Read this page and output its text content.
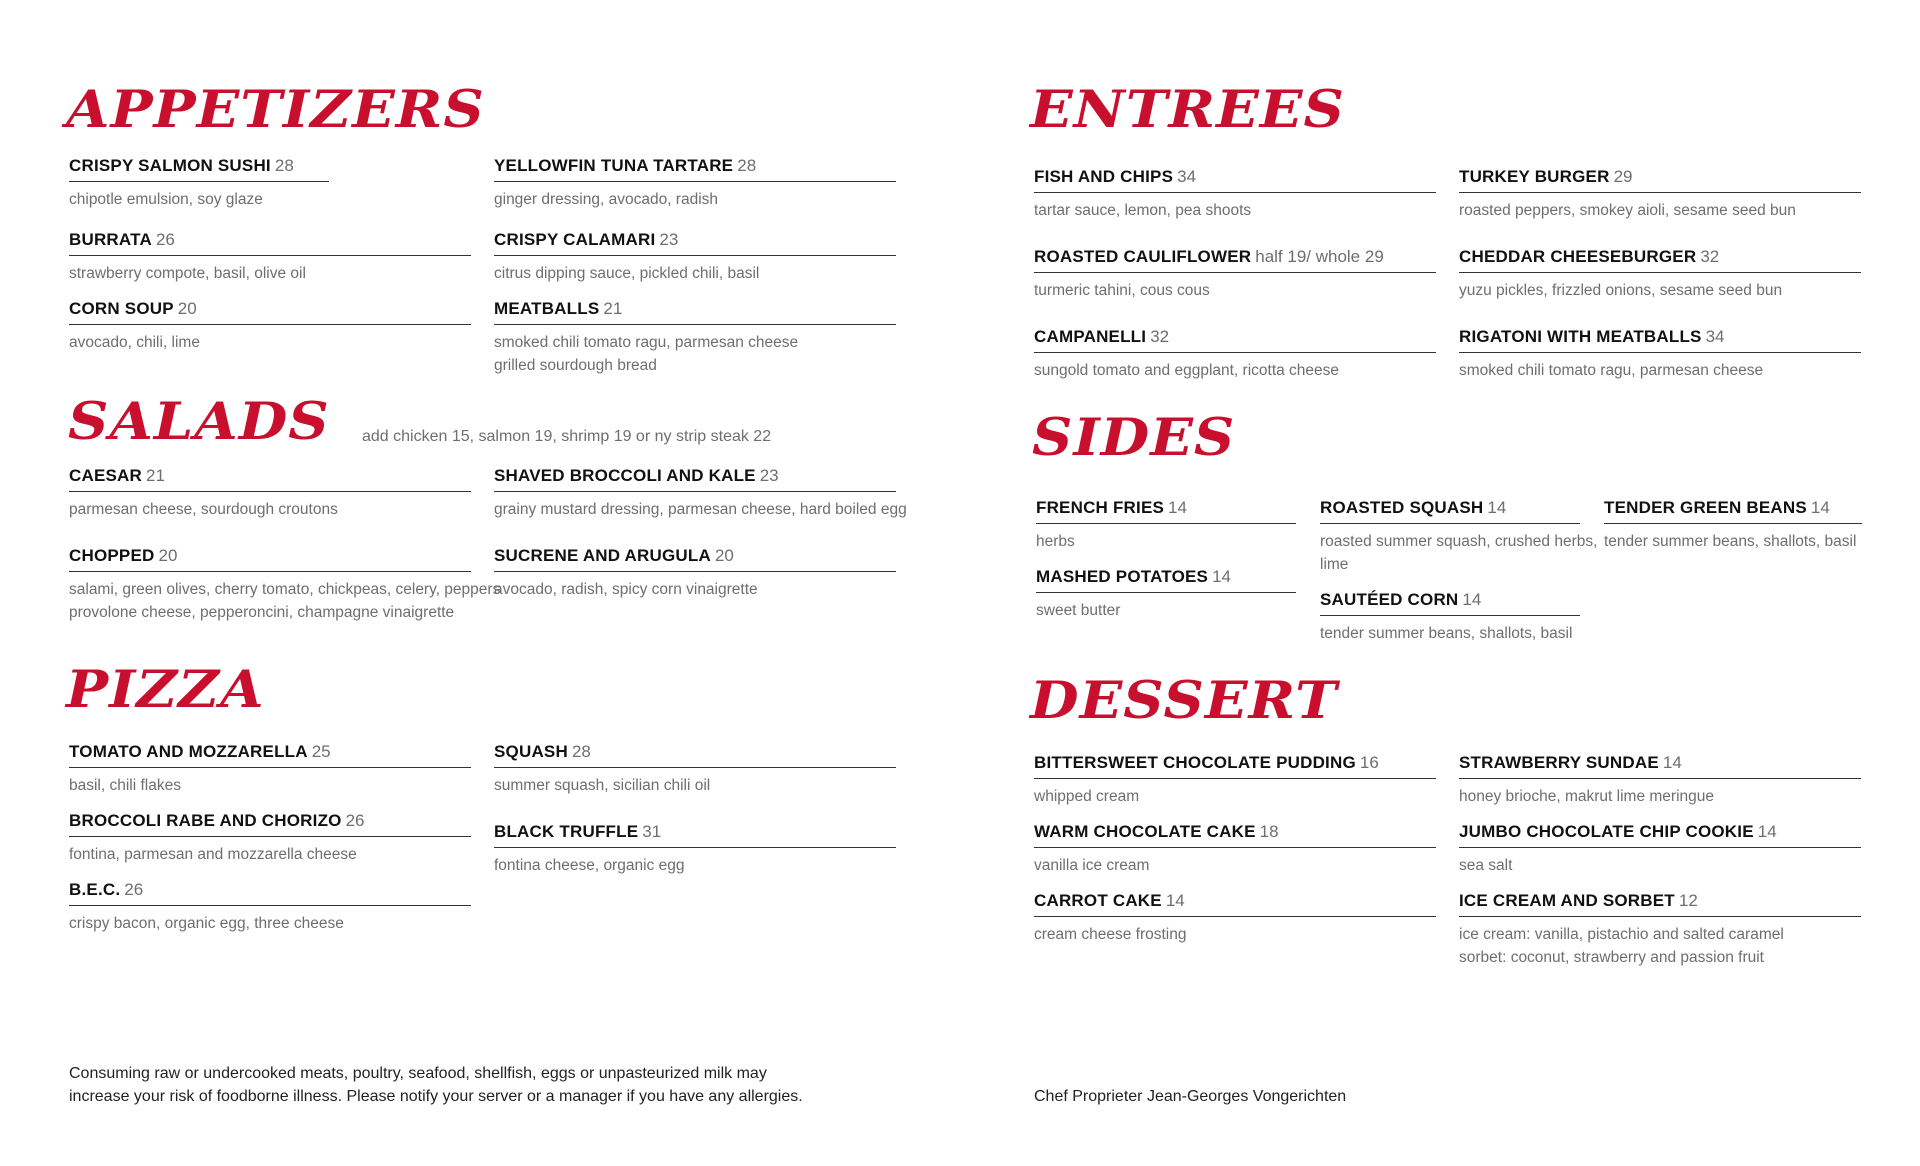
APPETIZERS
SALADS add chicken 15, salmon 19, shrimp 19 or ny strip steak 22
PIZZA
ENTREES
SIDES
DESSERT
CRISPY SALMON SUSHI 28
chipotle emulsion, soy glaze
BURRATA 26
strawberry compote, basil, olive oil
CORN SOUP 20
avocado, chili, lime
YELLOWFIN TUNA TARTARE 28
ginger dressing, avocado, radish
CRISPY CALAMARI 23
citrus dipping sauce, pickled chili, basil
MEATBALLS 21
smoked chili tomato ragu, parmesan cheese
grilled sourdough bread
CAESAR 21
parmesan cheese, sourdough croutons
CHOPPED 20
salami, green olives, cherry tomato, chickpeas, celery, peppers
provolone cheese, pepperoncini, champagne vinaigrette
SHAVED BROCCOLI AND KALE 23
grainy mustard dressing, parmesan cheese, hard boiled egg
SUCRENE AND ARUGULA 20
avocado, radish, spicy corn vinaigrette
TOMATO AND MOZZARELLA 25
basil, chili flakes
BROCCOLI RABE AND CHORIZO 26
fontina, parmesan and mozzarella cheese
B.E.C. 26
crispy bacon, organic egg, three cheese
SQUASH 28
summer squash, sicilian chili oil
BLACK TRUFFLE 31
fontina cheese, organic egg
FISH AND CHIPS 34
tartar sauce, lemon, pea shoots
ROASTED CAULIFLOWER half 19/ whole 29
turmeric tahini, cous cous
CAMPANELLI 32
sungold tomato and eggplant, ricotta cheese
TURKEY BURGER 29
roasted peppers, smokey aioli, sesame seed bun
CHEDDAR CHEESEBURGER 32
yuzu pickles, frizzled onions, sesame seed bun
RIGATONI WITH MEATBALLS 34
smoked chili tomato ragu, parmesan cheese
FRENCH FRIES 14
herbs
MASHED POTATOES 14
sweet butter
ROASTED SQUASH 14
roasted summer squash, crushed herbs,
lime
SAUTÉED CORN 14
tender summer beans, shallots, basil
TENDER GREEN BEANS 14
tender summer beans, shallots, basil
BITTERSWEET CHOCOLATE PUDDING 16
whipped cream
WARM CHOCOLATE CAKE 18
vanilla ice cream
CARROT CAKE 14
cream cheese frosting
STRAWBERRY SUNDAE 14
honey brioche, makrut lime meringue
JUMBO CHOCOLATE CHIP COOKIE 14
sea salt
ICE CREAM AND SORBET 12
ice cream: vanilla, pistachio and salted caramel
sorbet: coconut, strawberry and passion fruit
Consuming raw or undercooked meats, poultry, seafood, shellfish, eggs or unpasteurized milk may
increase your risk of foodborne illness. Please notify your server or a manager if you have any allergies.	Chef Proprieter Jean-Georges Vongerichten
